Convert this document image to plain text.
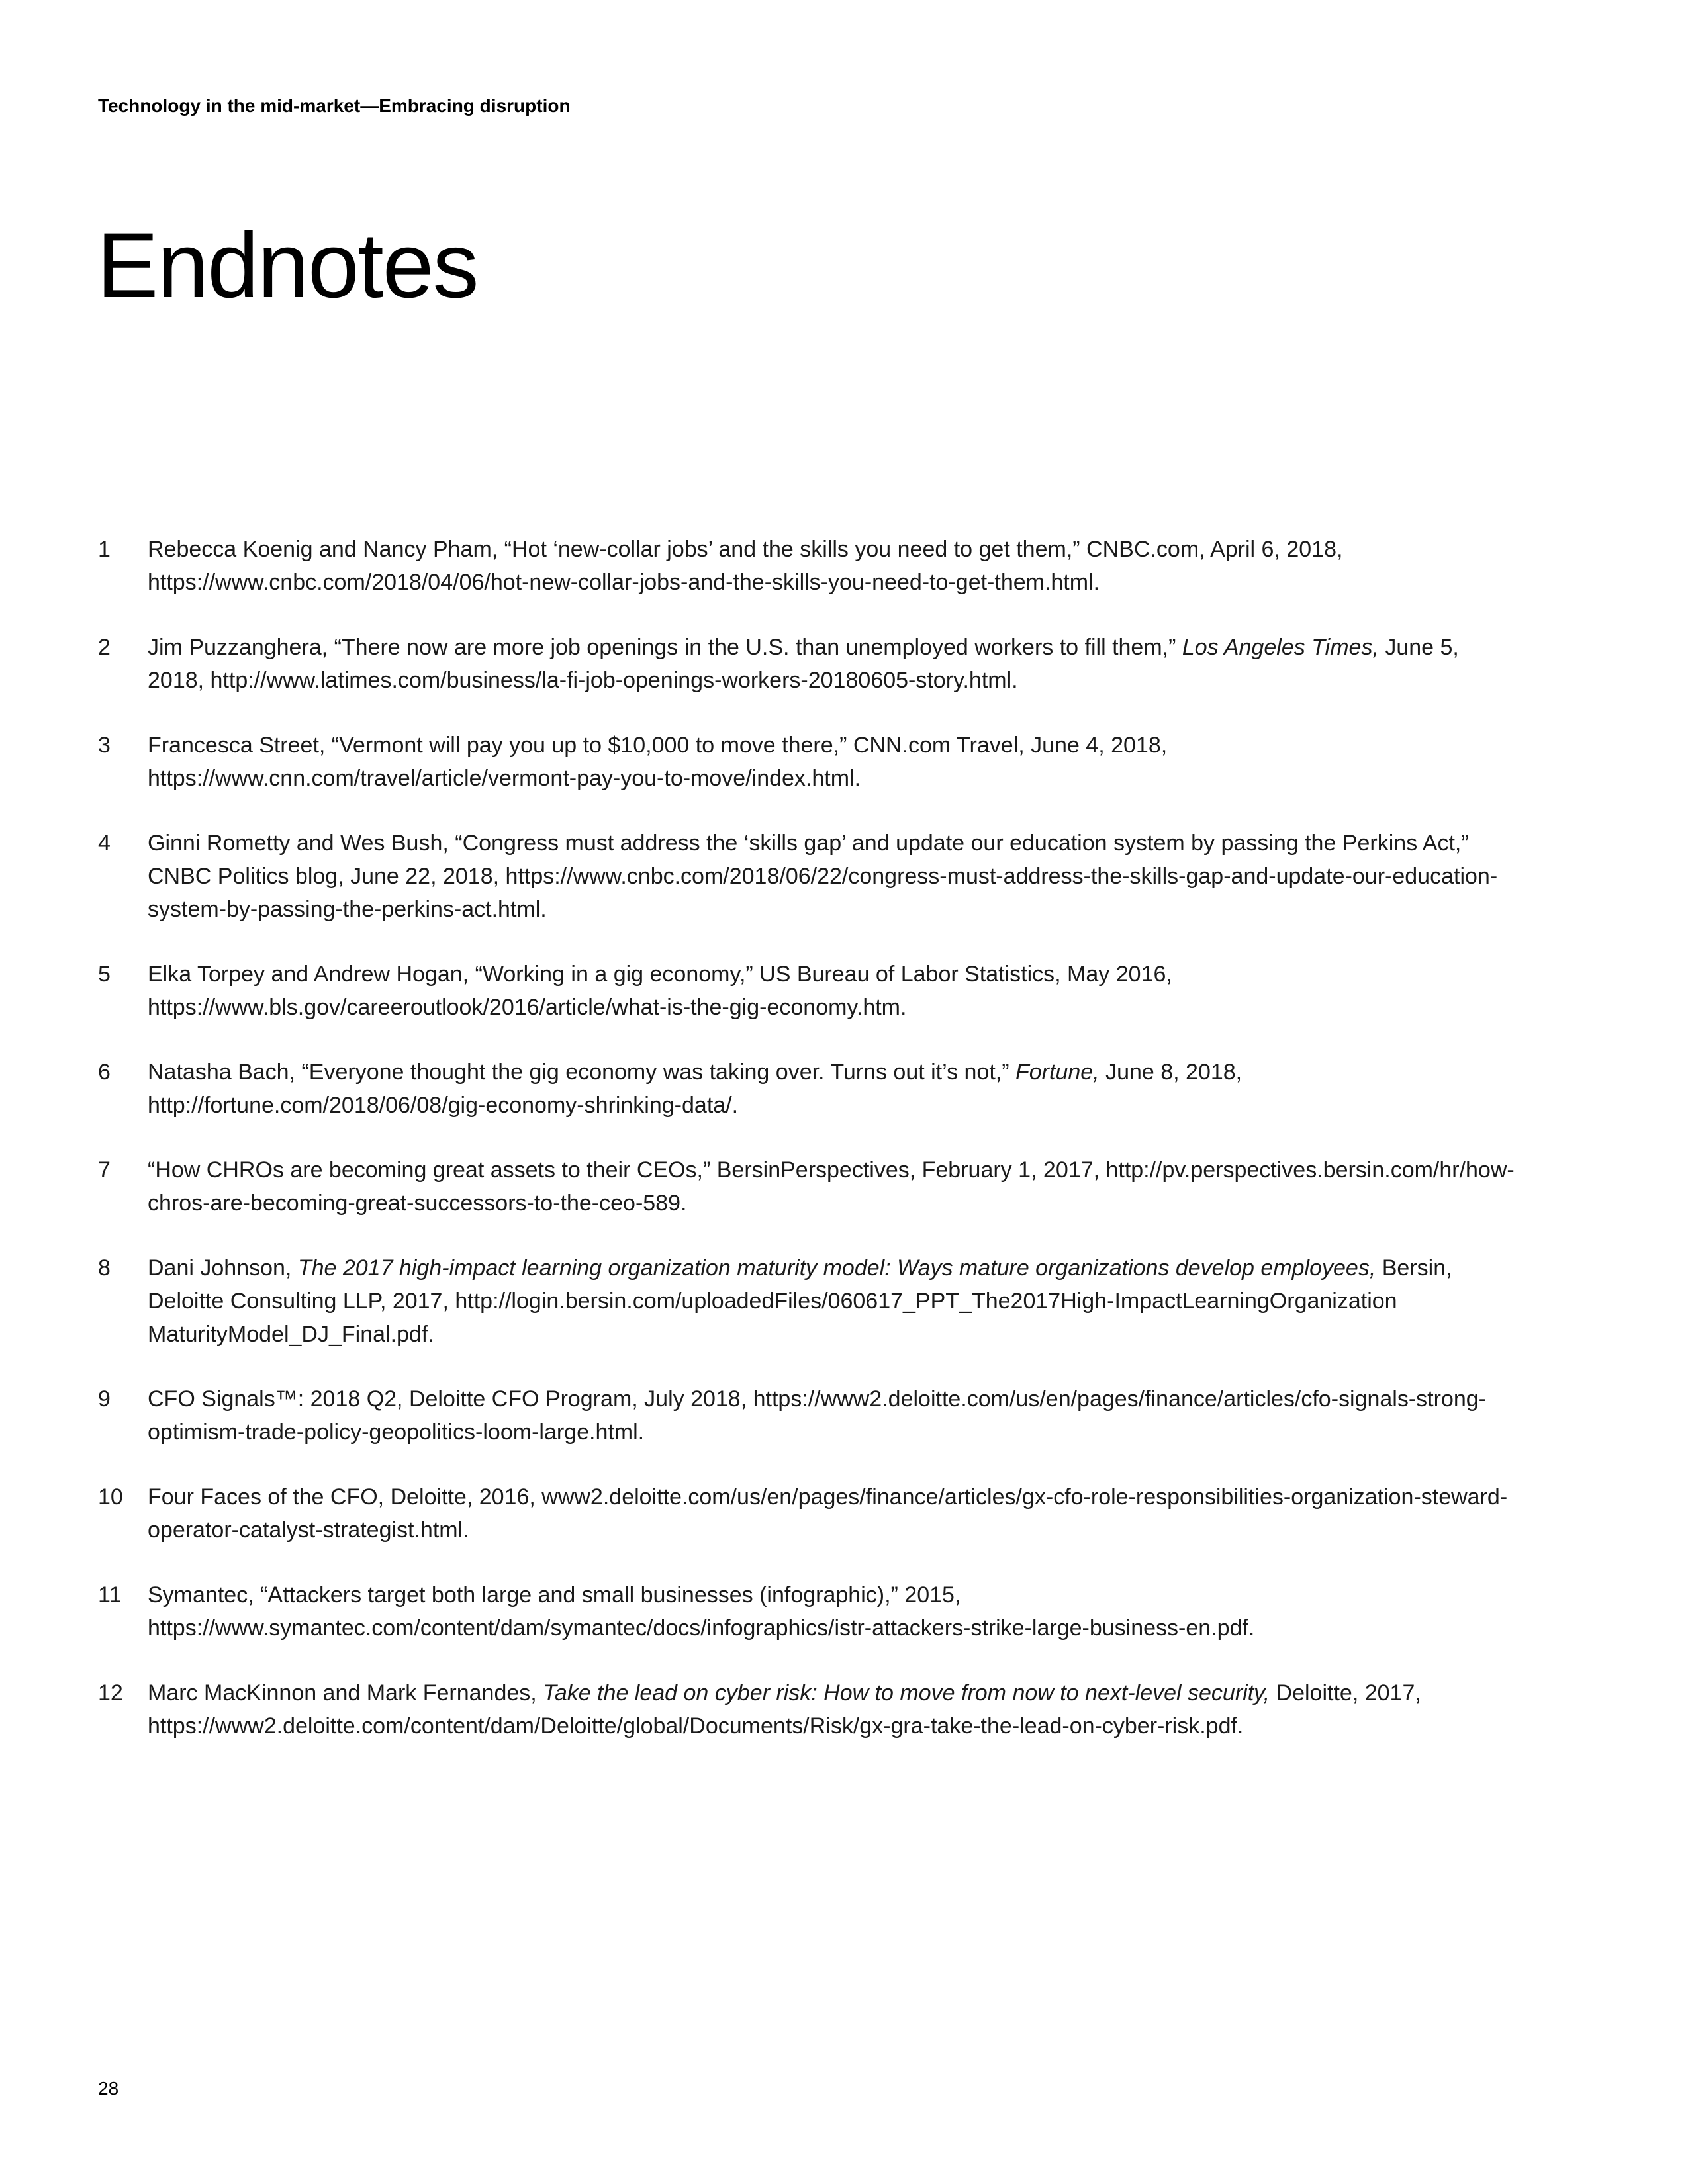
Technology in the mid-market—Embracing disruption
Endnotes
1	Rebecca Koenig and Nancy Pham, “Hot ‘new-collar jobs’ and the skills you need to get them,” CNBC.com, April 6, 2018, https://www.cnbc.com/2018/04/06/hot-new-collar-jobs-and-the-skills-you-need-to-get-them.html.
2	Jim Puzzanghera, “There now are more job openings in the U.S. than unemployed workers to fill them,” Los Angeles Times, June 5, 2018, http://www.latimes.com/business/la-fi-job-openings-workers-20180605-story.html.
3	Francesca Street, “Vermont will pay you up to $10,000 to move there,” CNN.com Travel, June 4, 2018, https://www.cnn.com/travel/article/vermont-pay-you-to-move/index.html.
4	Ginni Rometty and Wes Bush, “Congress must address the ‘skills gap’ and update our education system by passing the Perkins Act,” CNBC Politics blog, June 22, 2018, https://www.cnbc.com/2018/06/22/congress-must-address-the-skills-gap-and-update-our-education-system-by-passing-the-perkins-act.html.
5	Elka Torpey and Andrew Hogan, “Working in a gig economy,” US Bureau of Labor Statistics, May 2016, https://www.bls.gov/careeroutlook/2016/article/what-is-the-gig-economy.htm.
6	Natasha Bach, “Everyone thought the gig economy was taking over. Turns out it’s not,” Fortune, June 8, 2018, http://fortune.com/2018/06/08/gig-economy-shrinking-data/.
7	“How CHROs are becoming great assets to their CEOs,” BersinPerspectives, February 1, 2017, http://pv.perspectives.bersin.com/hr/how-chros-are-becoming-great-successors-to-the-ceo-589.
8	Dani Johnson, The 2017 high-impact learning organization maturity model: Ways mature organizations develop employees, Bersin, Deloitte Consulting LLP, 2017, http://login.bersin.com/uploadedFiles/060617_PPT_The2017High-ImpactLearningOrganization MaturityModel_DJ_Final.pdf.
9	CFO Signals™: 2018 Q2, Deloitte CFO Program, July 2018, https://www2.deloitte.com/us/en/pages/finance/articles/cfo-signals-strong-optimism-trade-policy-geopolitics-loom-large.html.
10	Four Faces of the CFO, Deloitte, 2016, www2.deloitte.com/us/en/pages/finance/articles/gx-cfo-role-responsibilities-organization-steward-operator-catalyst-strategist.html.
11	Symantec, “Attackers target both large and small businesses (infographic),” 2015, https://www.symantec.com/content/dam/symantec/docs/infographics/istr-attackers-strike-large-business-en.pdf.
12	Marc MacKinnon and Mark Fernandes, Take the lead on cyber risk: How to move from now to next-level security, Deloitte, 2017, https://www2.deloitte.com/content/dam/Deloitte/global/Documents/Risk/gx-gra-take-the-lead-on-cyber-risk.pdf.
28
